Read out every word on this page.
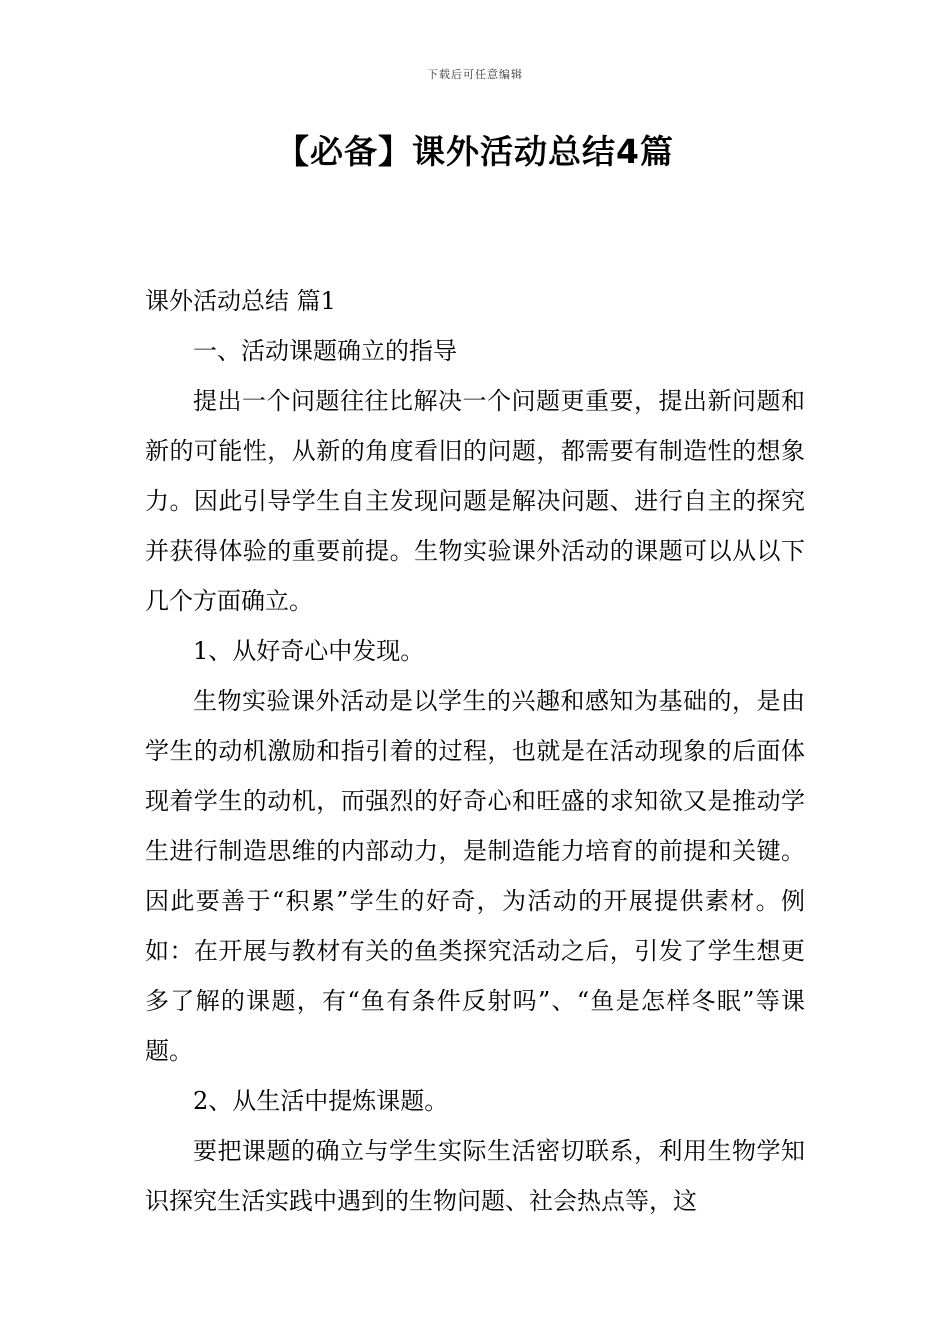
下载后可任意编辑
【必备】课外活动总结4篇

课外活动总结 篇1

一、活动课题确立的指导

提出一个问题往往比解决一个问题更重要，提出新问题和新的可能性，从新的角度看旧的问题，都需要有制造性的想象力。因此引导学生自主发现问题是解决问题、进行自主的探究并获得体验的重要前提。生物实验课外活动的课题可以从以下几个方面确立。

1、从好奇心中发现。

生物实验课外活动是以学生的兴趣和感知为基础的，是由学生的动机激励和指引着的过程，也就是在活动现象的后面体现着学生的动机，而强烈的好奇心和旺盛的求知欲又是推动学生进行制造思维的内部动力，是制造能力培育的前提和关键。因此要善于“积累”学生的好奇，为活动的开展提供素材。例如：在开展与教材有关的鱼类探究活动之后，引发了学生想更多了解的课题，有“鱼有条件反射吗”、“鱼是怎样冬眠”等课题。

2、从生活中提炼课题。

要把课题的确立与学生实际生活密切联系，利用生物学知识探究生活实践中遇到的生物问题、社会热点等，这
